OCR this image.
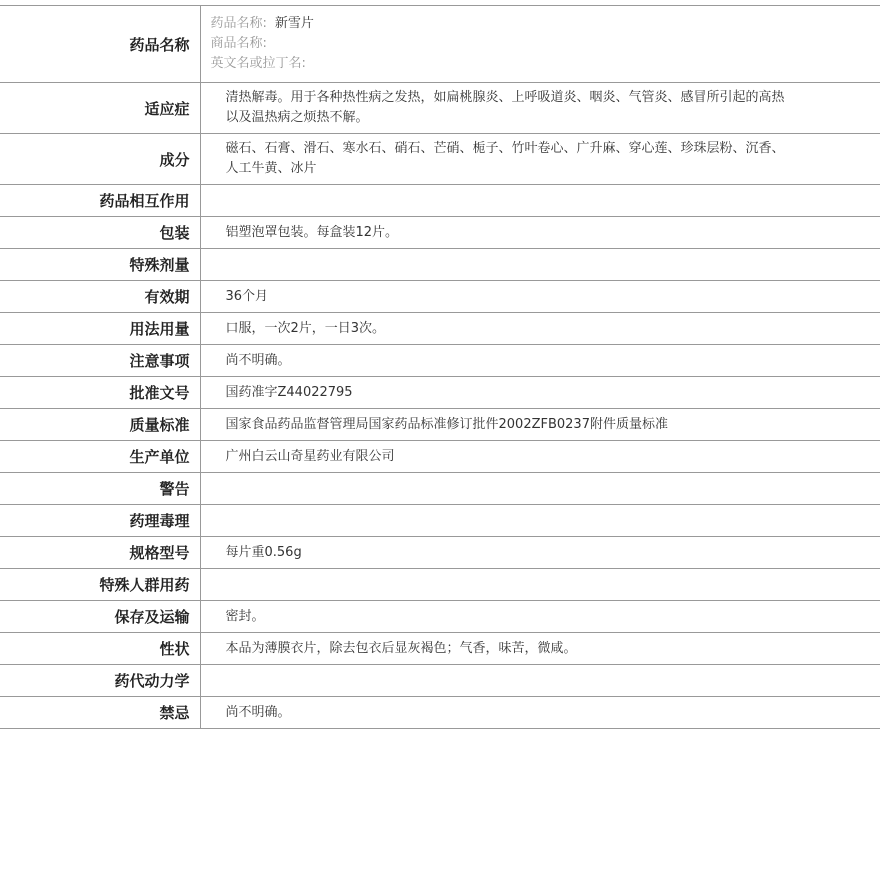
药品名称	药品名称: 新雪片
商品名称:
英文名或拉丁名:

适应症	清热解毒。用于各种热性病之发热，如扁桃腺炎、上呼吸道炎、咽炎、气管炎、感冒所引起的高热以及温热病之烦热不解。
成分	磁石、石膏、滑石、寒水石、硝石、芒硝、栀子、竹叶卷心、广升麻、穿心莲、珍珠层粉、沉香、人工牛黄、冰片
药品相互作用	
包装	铝塑泡罩包装。每盒装12片。
特殊剂量	
有效期	36个月
用法用量	口服，一次2片，一日3次。
注意事项	尚不明确。
批准文号	国药准字Z44022795
质量标准	国家食品药品监督管理局国家药品标准修订批件2002ZFB0237附件质量标准
生产单位	广州白云山奇星药业有限公司
警告	
药理毒理	
规格型号	每片重0.56g
特殊人群用药	
保存及运输	密封。
性状	本品为薄膜衣片，除去包衣后显灰褐色；气香，味苦，微咸。
药代动力学	
禁忌	尚不明确。
